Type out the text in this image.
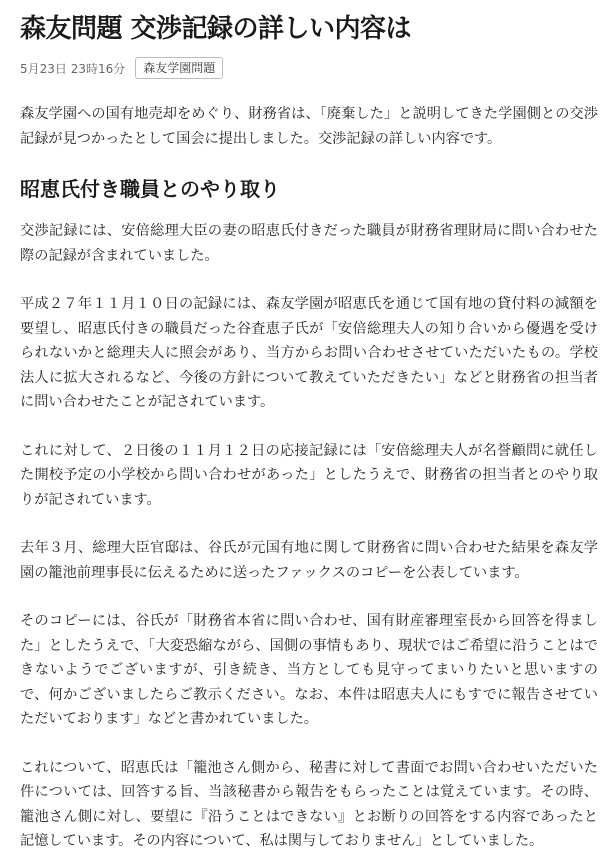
森友問題 交渉記録の詳しい内容は
5月23日 23時16分	森友学園問題

森友学園への国有地売却をめぐり、財務省は、「廃棄した」と説明してきた学園側との交渉記録が見つかったとして国会に提出しました。交渉記録の詳しい内容です。

昭恵氏付き職員とのやり取り

交渉記録には、安倍総理大臣の妻の昭恵氏付きだった職員が財務省理財局に問い合わせた際の記録が含まれていました。

平成２７年１１月１０日の記録には、森友学園が昭恵氏を通じて国有地の貸付料の減額を要望し、昭恵氏付きの職員だった谷査恵子氏が「安倍総理夫人の知り合いから優遇を受けられないかと総理夫人に照会があり、当方からお問い合わせさせていただいたもの。学校法人に拡大されるなど、今後の方針について教えていただきたい」などと財務省の担当者に問い合わせたことが記されています。

これに対して、２日後の１１月１２日の応接記録には「安倍総理夫人が名誉顧問に就任した開校予定の小学校から問い合わせがあった」としたうえで、財務省の担当者とのやり取りが記されています。

去年３月、総理大臣官邸は、谷氏が元国有地に関して財務省に問い合わせた結果を森友学園の籠池前理事長に伝えるために送ったファックスのコピーを公表しています。

そのコピーには、谷氏が「財務省本省に問い合わせ、国有財産審理室長から回答を得ました」としたうえで、「大変恐縮ながら、国側の事情もあり、現状ではご希望に沿うことはできないようでございますが、引き続き、当方としても見守ってまいりたいと思いますので、何かございましたらご教示ください。なお、本件は昭恵夫人にもすでに報告させていただいております」などと書かれていました。

これについて、昭恵氏は「籠池さん側から、秘書に対して書面でお問い合わせいただいた件については、回答する旨、当該秘書から報告をもらったことは覚えています。その時、籠池さん側に対し、要望に『沿うことはできない』とお断りの回答をする内容であったと記憶しています。その内容について、私は関与しておりません」としていました。
